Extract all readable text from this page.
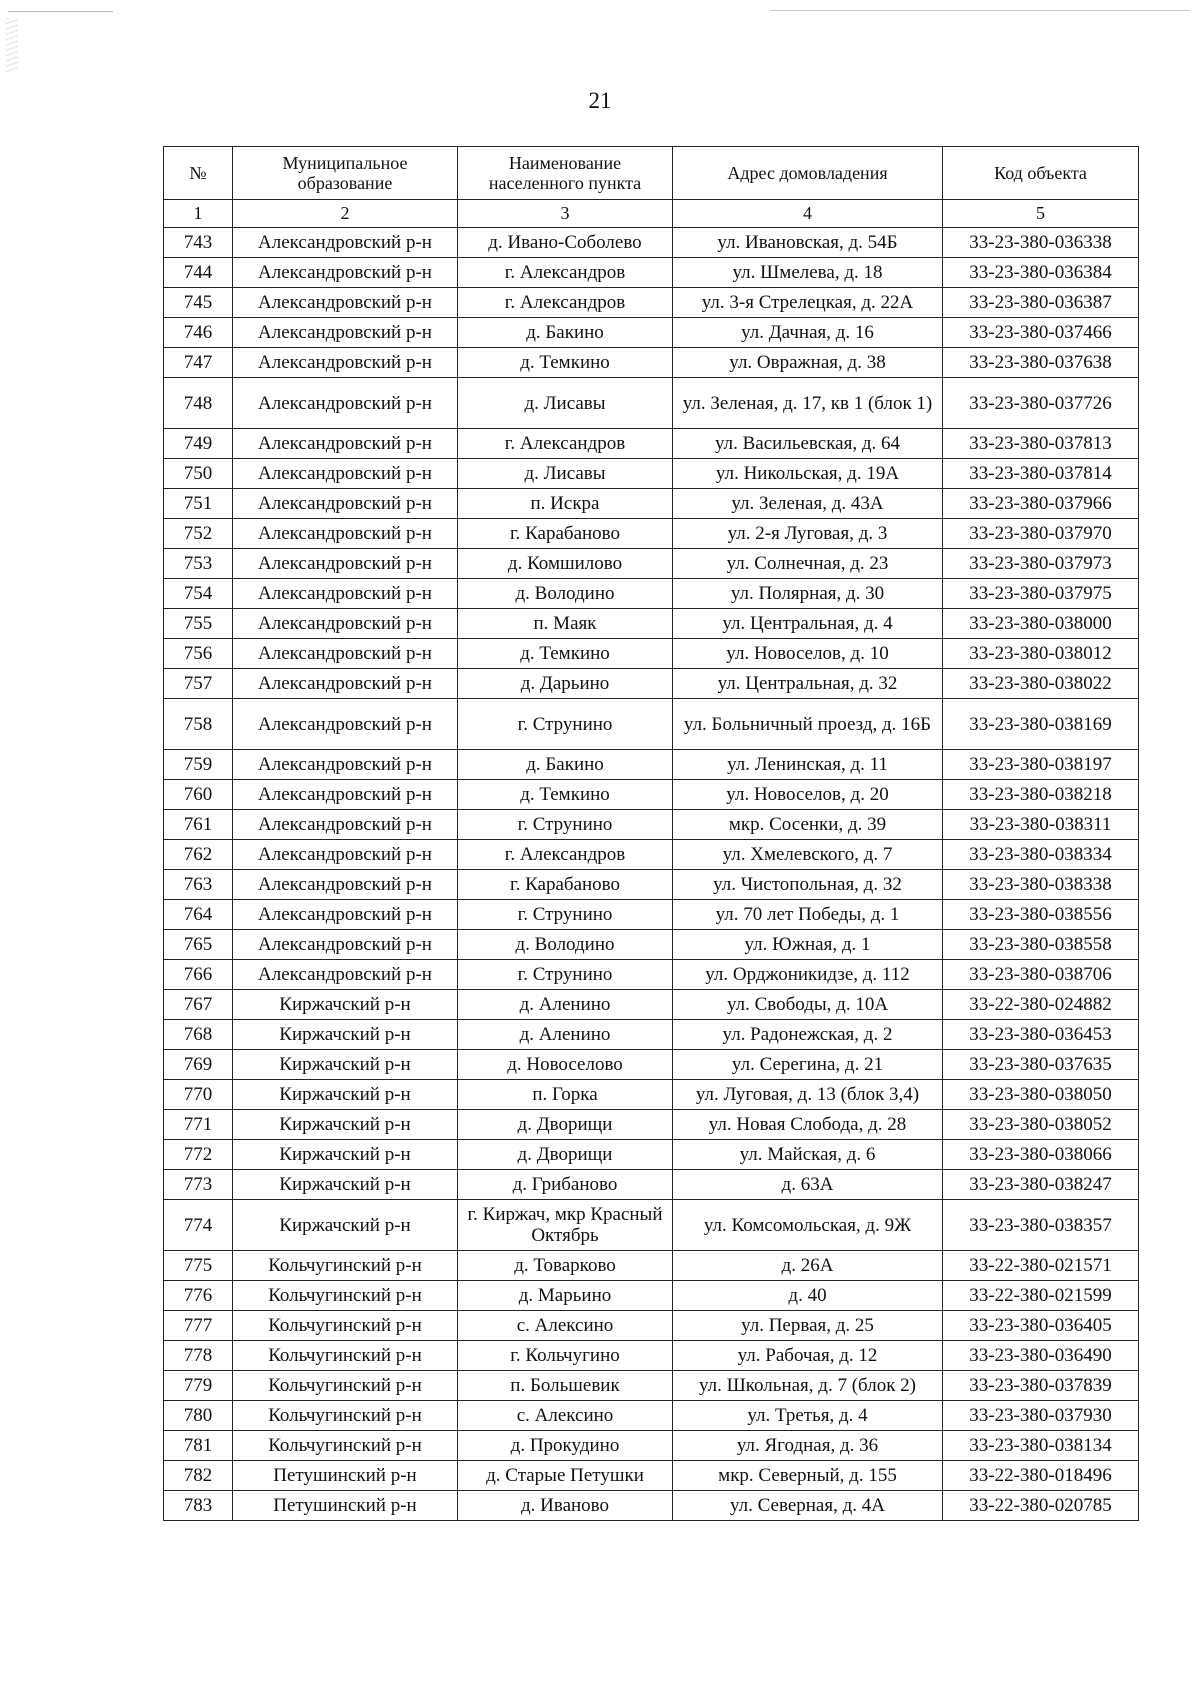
21
№	Муниципальное образование	Наименование населенного пункта	Адрес домовладения	Код объекта
1	2	3	4	5
743	Александровский р-н	д. Ивано-Соболево	ул. Ивановская, д. 54Б	33-23-380-036338
744	Александровский р-н	г. Александров	ул. Шмелева, д. 18	33-23-380-036384
745	Александровский р-н	г. Александров	ул. 3-я Стрелецкая, д. 22А	33-23-380-036387
746	Александровский р-н	д. Бакино	ул. Дачная, д. 16	33-23-380-037466
747	Александровский р-н	д. Темкино	ул. Овражная, д. 38	33-23-380-037638
748	Александровский р-н	д. Лисавы	ул. Зеленая, д. 17, кв 1 (блок 1)	33-23-380-037726
749	Александровский р-н	г. Александров	ул. Васильевская, д. 64	33-23-380-037813
750	Александровский р-н	д. Лисавы	ул. Никольская, д. 19А	33-23-380-037814
751	Александровский р-н	п. Искра	ул. Зеленая, д. 43А	33-23-380-037966
752	Александровский р-н	г. Карабаново	ул. 2-я Луговая, д. 3	33-23-380-037970
753	Александровский р-н	д. Комшилово	ул. Солнечная, д. 23	33-23-380-037973
754	Александровский р-н	д. Володино	ул. Полярная, д. 30	33-23-380-037975
755	Александровский р-н	п. Маяк	ул. Центральная, д. 4	33-23-380-038000
756	Александровский р-н	д. Темкино	ул. Новоселов, д. 10	33-23-380-038012
757	Александровский р-н	д. Дарьино	ул. Центральная, д. 32	33-23-380-038022
758	Александровский р-н	г. Струнино	ул. Больничный проезд, д. 16Б	33-23-380-038169
759	Александровский р-н	д. Бакино	ул. Ленинская, д. 11	33-23-380-038197
760	Александровский р-н	д. Темкино	ул. Новоселов, д. 20	33-23-380-038218
761	Александровский р-н	г. Струнино	мкр. Сосенки, д. 39	33-23-380-038311
762	Александровский р-н	г. Александров	ул. Хмелевского, д. 7	33-23-380-038334
763	Александровский р-н	г. Карабаново	ул. Чистопольная, д. 32	33-23-380-038338
764	Александровский р-н	г. Струнино	ул. 70 лет Победы, д. 1	33-23-380-038556
765	Александровский р-н	д. Володино	ул. Южная, д. 1	33-23-380-038558
766	Александровский р-н	г. Струнино	ул. Орджоникидзе, д. 112	33-23-380-038706
767	Киржачский р-н	д. Аленино	ул. Свободы, д. 10А	33-22-380-024882
768	Киржачский р-н	д. Аленино	ул. Радонежская, д. 2	33-23-380-036453
769	Киржачский р-н	д. Новоселово	ул. Серегина, д. 21	33-23-380-037635
770	Киржачский р-н	п. Горка	ул. Луговая, д. 13 (блок 3,4)	33-23-380-038050
771	Киржачский р-н	д. Дворищи	ул. Новая Слобода, д. 28	33-23-380-038052
772	Киржачский р-н	д. Дворищи	ул. Майская, д. 6	33-23-380-038066
773	Киржачский р-н	д. Грибаново	д. 63А	33-23-380-038247
774	Киржачский р-н	г. Киржач, мкр Красный Октябрь	ул. Комсомольская, д. 9Ж	33-23-380-038357
775	Кольчугинский р-н	д. Товарково	д. 26А	33-22-380-021571
776	Кольчугинский р-н	д. Марьино	д. 40	33-22-380-021599
777	Кольчугинский р-н	с. Алексино	ул. Первая, д. 25	33-23-380-036405
778	Кольчугинский р-н	г. Кольчугино	ул. Рабочая, д. 12	33-23-380-036490
779	Кольчугинский р-н	п. Большевик	ул. Школьная, д. 7 (блок 2)	33-23-380-037839
780	Кольчугинский р-н	с. Алексино	ул. Третья, д. 4	33-23-380-037930
781	Кольчугинский р-н	д. Прокудино	ул. Ягодная, д. 36	33-23-380-038134
782	Петушинский р-н	д. Старые Петушки	мкр. Северный, д. 155	33-22-380-018496
783	Петушинский р-н	д. Иваново	ул. Северная, д. 4А	33-22-380-020785
